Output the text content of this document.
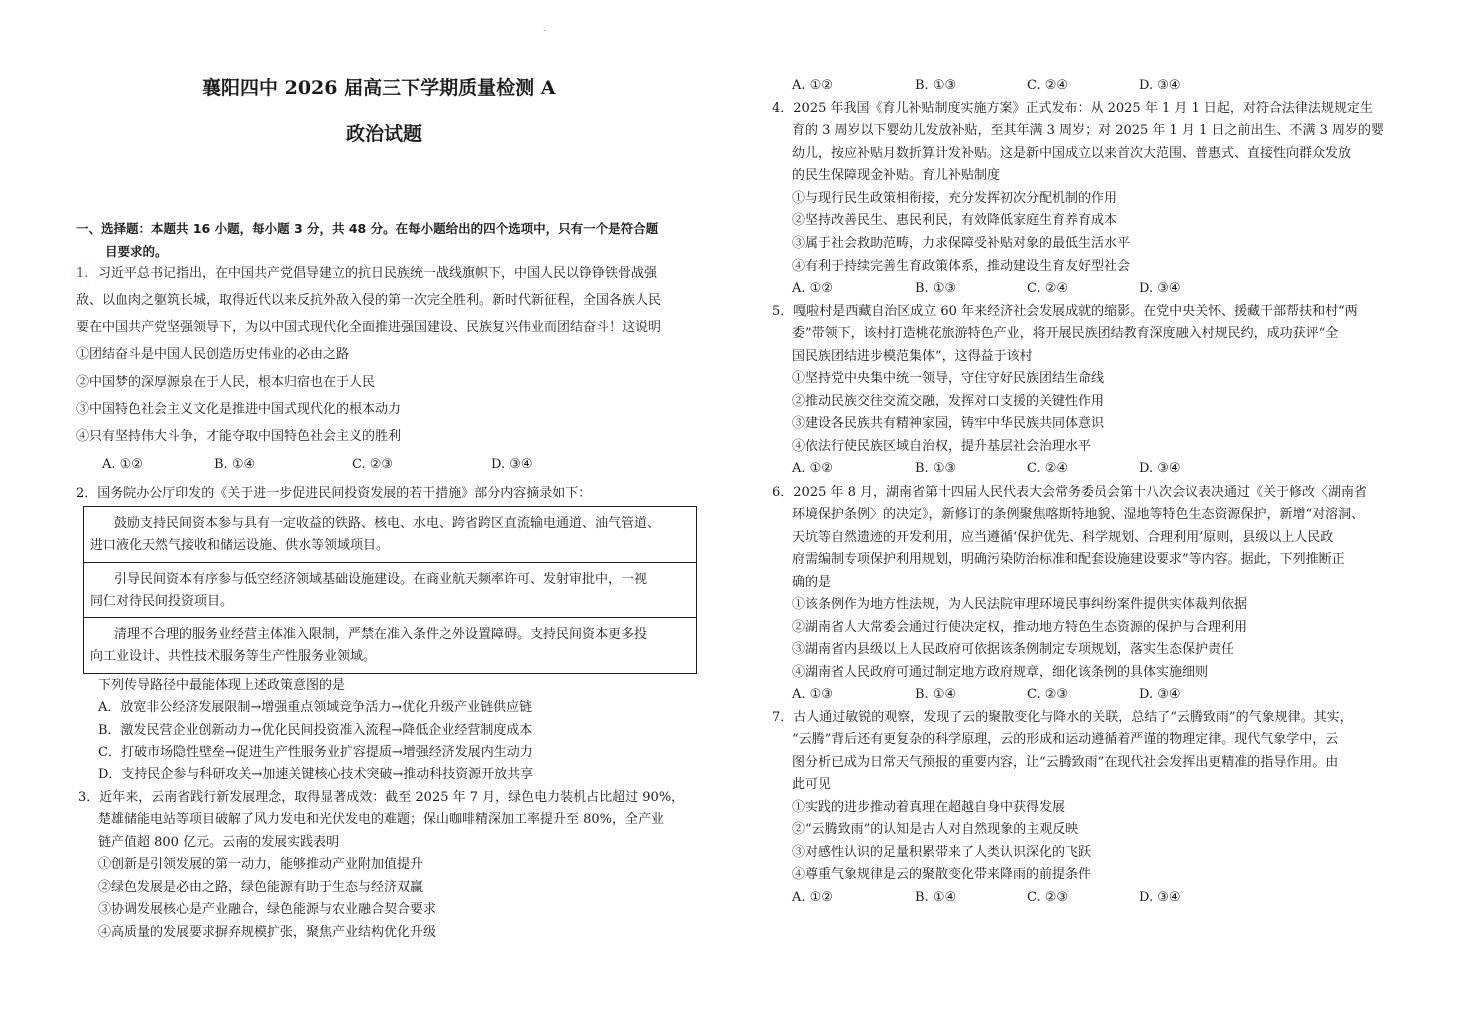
.
襄阳四中 2026 届高三下学期质量检测 A
政治试题
一、选择题：本题共 16 小题，每小题 3 分，共 48 分。在每小题给出的四个选项中，只有一个是符合题
目要求的。
1. 习近平总书记指出，在中国共产党倡导建立的抗日民族统一战线旗帜下，中国人民以铮铮铁骨战强
敌、以血肉之躯筑长城，取得近代以来反抗外敌入侵的第一次完全胜利。新时代新征程，全国各族人民
要在中国共产党坚强领导下，为以中国式现代化全面推进强国建设、民族复兴伟业而团结奋斗！这说明
①团结奋斗是中国人民创造历史伟业的必由之路
②中国梦的深厚源泉在于人民，根本归宿也在于人民
③中国特色社会主义文化是推进中国式现代化的根本动力
④只有坚持伟大斗争，才能夺取中国特色社会主义的胜利
A. ①②	B. ①④	C. ②③	D. ③④
2．国务院办公厅印发的《关于进一步促进民间投资发展的若干措施》部分内容摘录如下：
鼓励支持民间资本参与具有一定收益的铁路、核电、水电、跨省跨区直流输电通道、油气管道、
进口液化天然气接收和储运设施、供水等领域项目。
引导民间资本有序参与低空经济领域基础设施建设。在商业航天频率许可、发射审批中，一视
同仁对待民间投资项目。
清理不合理的服务业经营主体准入限制，严禁在准入条件之外设置障碍。支持民间资本更多投
向工业设计、共性技术服务等生产性服务业领域。
下列传导路径中最能体现上述政策意图的是
A．放宽非公经济发展限制→增强重点领域竞争活力→优化升级产业链供应链
B．激发民营企业创新动力→优化民间投资准入流程→降低企业经营制度成本
C．打破市场隐性壁垒→促进生产性服务业扩容提质→增强经济发展内生动力
D．支持民企参与科研攻关→加速关键核心技术突破→推动科技资源开放共享
3．近年来，云南省践行新发展理念，取得显著成效：截至 2025 年 7 月，绿色电力装机占比超过 90%，
楚雄储能电站等项目破解了风力发电和光伏发电的难题；保山咖啡精深加工率提升至 80%，全产业
链产值超 800 亿元。云南的发展实践表明
①创新是引领发展的第一动力，能够推动产业附加值提升
②绿色发展是必由之路，绿色能源有助于生态与经济双赢
③协调发展核心是产业融合，绿色能源与农业融合契合要求
④高质量的发展要求摒弃规模扩张，聚焦产业结构优化升级
A. ①②	B. ①③	C. ②④	D. ③④
4．2025 年我国《育儿补贴制度实施方案》正式发布：从 2025 年 1 月 1 日起，对符合法律法规规定生
育的 3 周岁以下婴幼儿发放补贴，至其年满 3 周岁；对 2025 年 1 月 1 日之前出生、不满 3 周岁的婴
幼儿，按应补贴月数折算计发补贴。这是新中国成立以来首次大范围、普惠式、直接性向群众发放
的民生保障现金补贴。育儿补贴制度
①与现行民生政策相衔接，充分发挥初次分配机制的作用
②坚持改善民生、惠民利民，有效降低家庭生育养育成本
③属于社会救助范畴，力求保障受补贴对象的最低生活水平
④有利于持续完善生育政策体系，推动建设生育友好型社会
A. ①②	B. ①③	C. ②④	D. ③④
5．嘎啦村是西藏自治区成立 60 年来经济社会发展成就的缩影。在党中央关怀、援藏干部帮扶和村“两
委”带领下，该村打造桃花旅游特色产业，将开展民族团结教育深度融入村规民约，成功获评“全
国民族团结进步模范集体”，这得益于该村
①坚持党中央集中统一领导，守住守好民族团结生命线
②推动民族交往交流交融，发挥对口支援的关键性作用
③建设各民族共有精神家园，铸牢中华民族共同体意识
④依法行使民族区域自治权，提升基层社会治理水平
A. ①②	B. ①③	C. ②④	D. ③④
6．2025 年 8 月，湖南省第十四届人民代表大会常务委员会第十八次会议表决通过《关于修改〈湖南省
环境保护条例〉的决定》，新修订的条例聚焦喀斯特地貌、湿地等特色生态资源保护，新增“对溶洞、
天坑等自然遗迹的开发利用，应当遵循‘保护优先、科学规划、合理利用’原则，县级以上人民政
府需编制专项保护利用规划，明确污染防治标准和配套设施建设要求”等内容。据此，下列推断正
确的是
①该条例作为地方性法规，为人民法院审理环境民事纠纷案件提供实体裁判依据
②湖南省人大常委会通过行使决定权，推动地方特色生态资源的保护与合理利用
③湖南省内县级以上人民政府可依据该条例制定专项规划，落实生态保护责任
④湖南省人民政府可通过制定地方政府规章，细化该条例的具体实施细则
A. ①③	B. ①④	C. ②③	D. ③④
7．古人通过敏锐的观察，发现了云的聚散变化与降水的关联，总结了“云腾致雨”的气象规律。其实，
“云腾”背后还有更复杂的科学原理，云的形成和运动遵循着严谨的物理定律。现代气象学中，云
图分析已成为日常天气预报的重要内容，让“云腾致雨”在现代社会发挥出更精准的指导作用。由
此可见
①实践的进步推动着真理在超越自身中获得发展
②“云腾致雨”的认知是古人对自然现象的主观反映
③对感性认识的足量积累带来了人类认识深化的飞跃
④尊重气象规律是云的聚散变化带来降雨的前提条件
A. ①②	B. ①④	C. ②③	D. ③④
